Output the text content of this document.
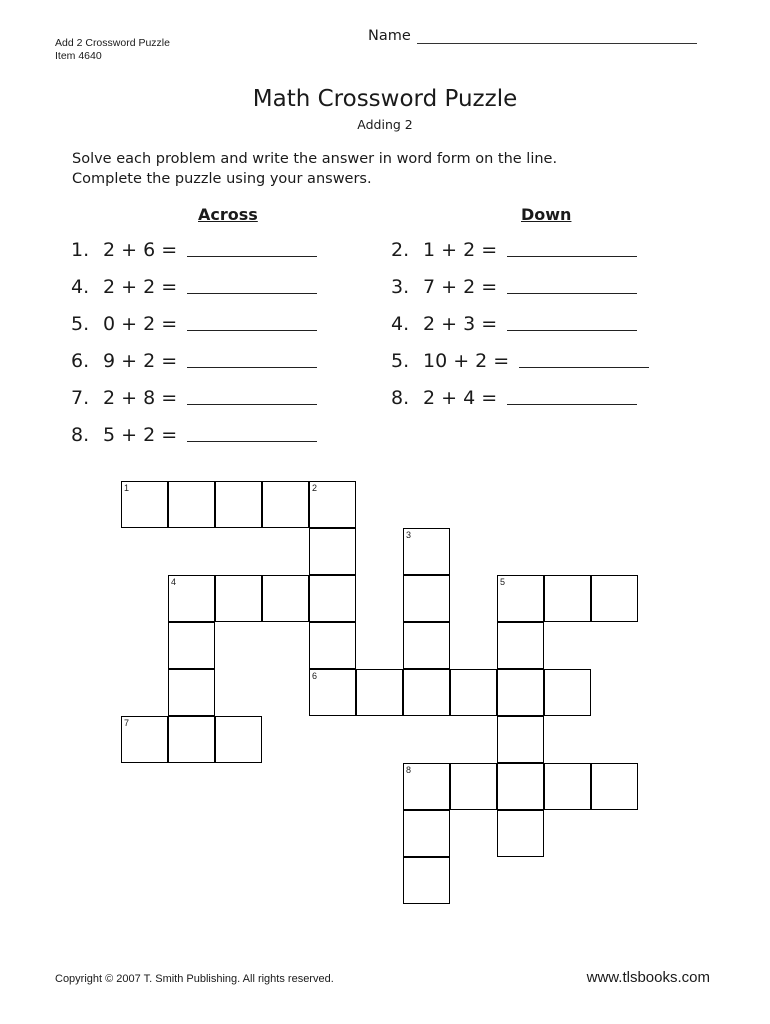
Add 2 Crossword Puzzle
Item 4640
Name
Math Crossword Puzzle
Adding 2
Solve each problem and write the answer in word form on the line.
Complete the puzzle using your answers.
Across	Down
1. 2 + 6 =
4. 2 + 2 =
5. 0 + 2 =
6. 9 + 2 =
7. 2 + 8 =
8. 5 + 2 =
2. 1 + 2 =
3. 7 + 2 =
4. 2 + 3 =
5. 10 + 2 =
8. 2 + 4 =
1	2
3
4	5
6
7
8
Copyright © 2007 T. Smith Publishing. All rights reserved.	www.tlsbooks.com
